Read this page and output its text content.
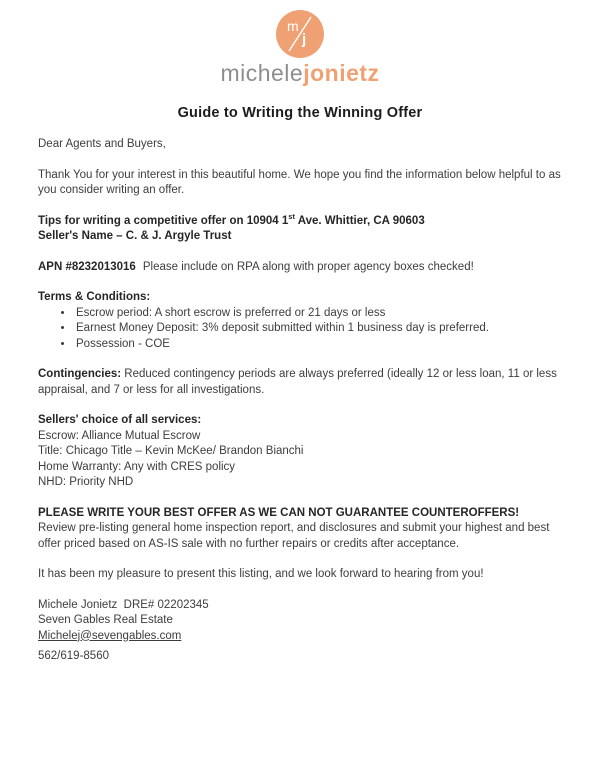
m
j
michelejonietz
Guide to Writing the Winning Offer
Dear Agents and Buyers,
Thank You for your interest in this beautiful home. We hope you find the information below helpful to as you consider writing an offer.
Tips for writing a competitive offer on 10904 1st Ave. Whittier, CA 90603
Seller's Name – C. & J. Argyle Trust
APN #8232013016 Please include on RPA along with proper agency boxes checked!
Terms & Conditions:
• Escrow period: A short escrow is preferred or 21 days or less
• Earnest Money Deposit: 3% deposit submitted within 1 business day is preferred.
• Possession - COE
Contingencies: Reduced contingency periods are always preferred (ideally 12 or less loan, 11 or less appraisal, and 7 or less for all investigations.
Sellers' choice of all services:
Escrow: Alliance Mutual Escrow
Title: Chicago Title – Kevin McKee/ Brandon Bianchi
Home Warranty: Any with CRES policy
NHD: Priority NHD
PLEASE WRITE YOUR BEST OFFER AS WE CAN NOT GUARANTEE COUNTEROFFERS!
Review pre-listing general home inspection report, and disclosures and submit your highest and best offer priced based on AS-IS sale with no further repairs or credits after acceptance.
It has been my pleasure to present this listing, and we look forward to hearing from you!
Michele Jonietz  DRE# 02202345
Seven Gables Real Estate
Michelej@sevengables.com
562/619-8560
